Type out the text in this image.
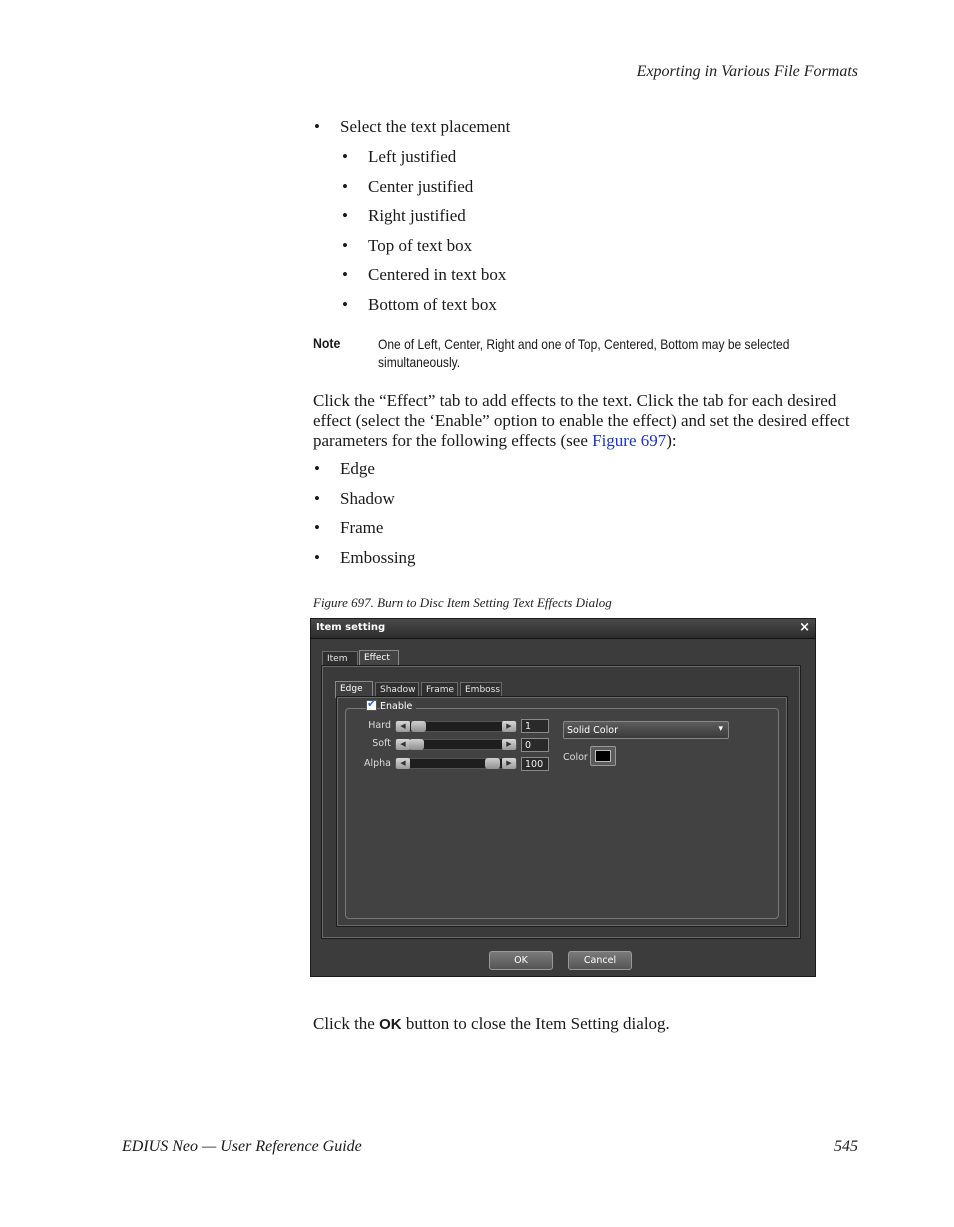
Exporting in Various File Formats
• Select the text placement
• Left justified
• Center justified
• Right justified
• Top of text box
• Centered in text box
• Bottom of text box
Note	One of Left, Center, Right and one of Top, Centered, Bottom may be selected simultaneously.
Click the “Effect” tab to add effects to the text. Click the tab for each desired effect (select the ‘Enable” option to enable the effect) and set the desired effect parameters for the following effects (see Figure 697):
• Edge
• Shadow
• Frame
• Embossing
Figure 697. Burn to Disc Item Setting Text Effects Dialog
Item setting	×
Item	Effect
Edge	Shadow	Frame	Emboss
✔ Enable
Hard	◀	▶	1
Soft	◀	▶	0
Alpha	◀	▶	100
Solid Color	▾
Color
OK	Cancel
Click the OK button to close the Item Setting dialog.
EDIUS Neo — User Reference Guide	545
